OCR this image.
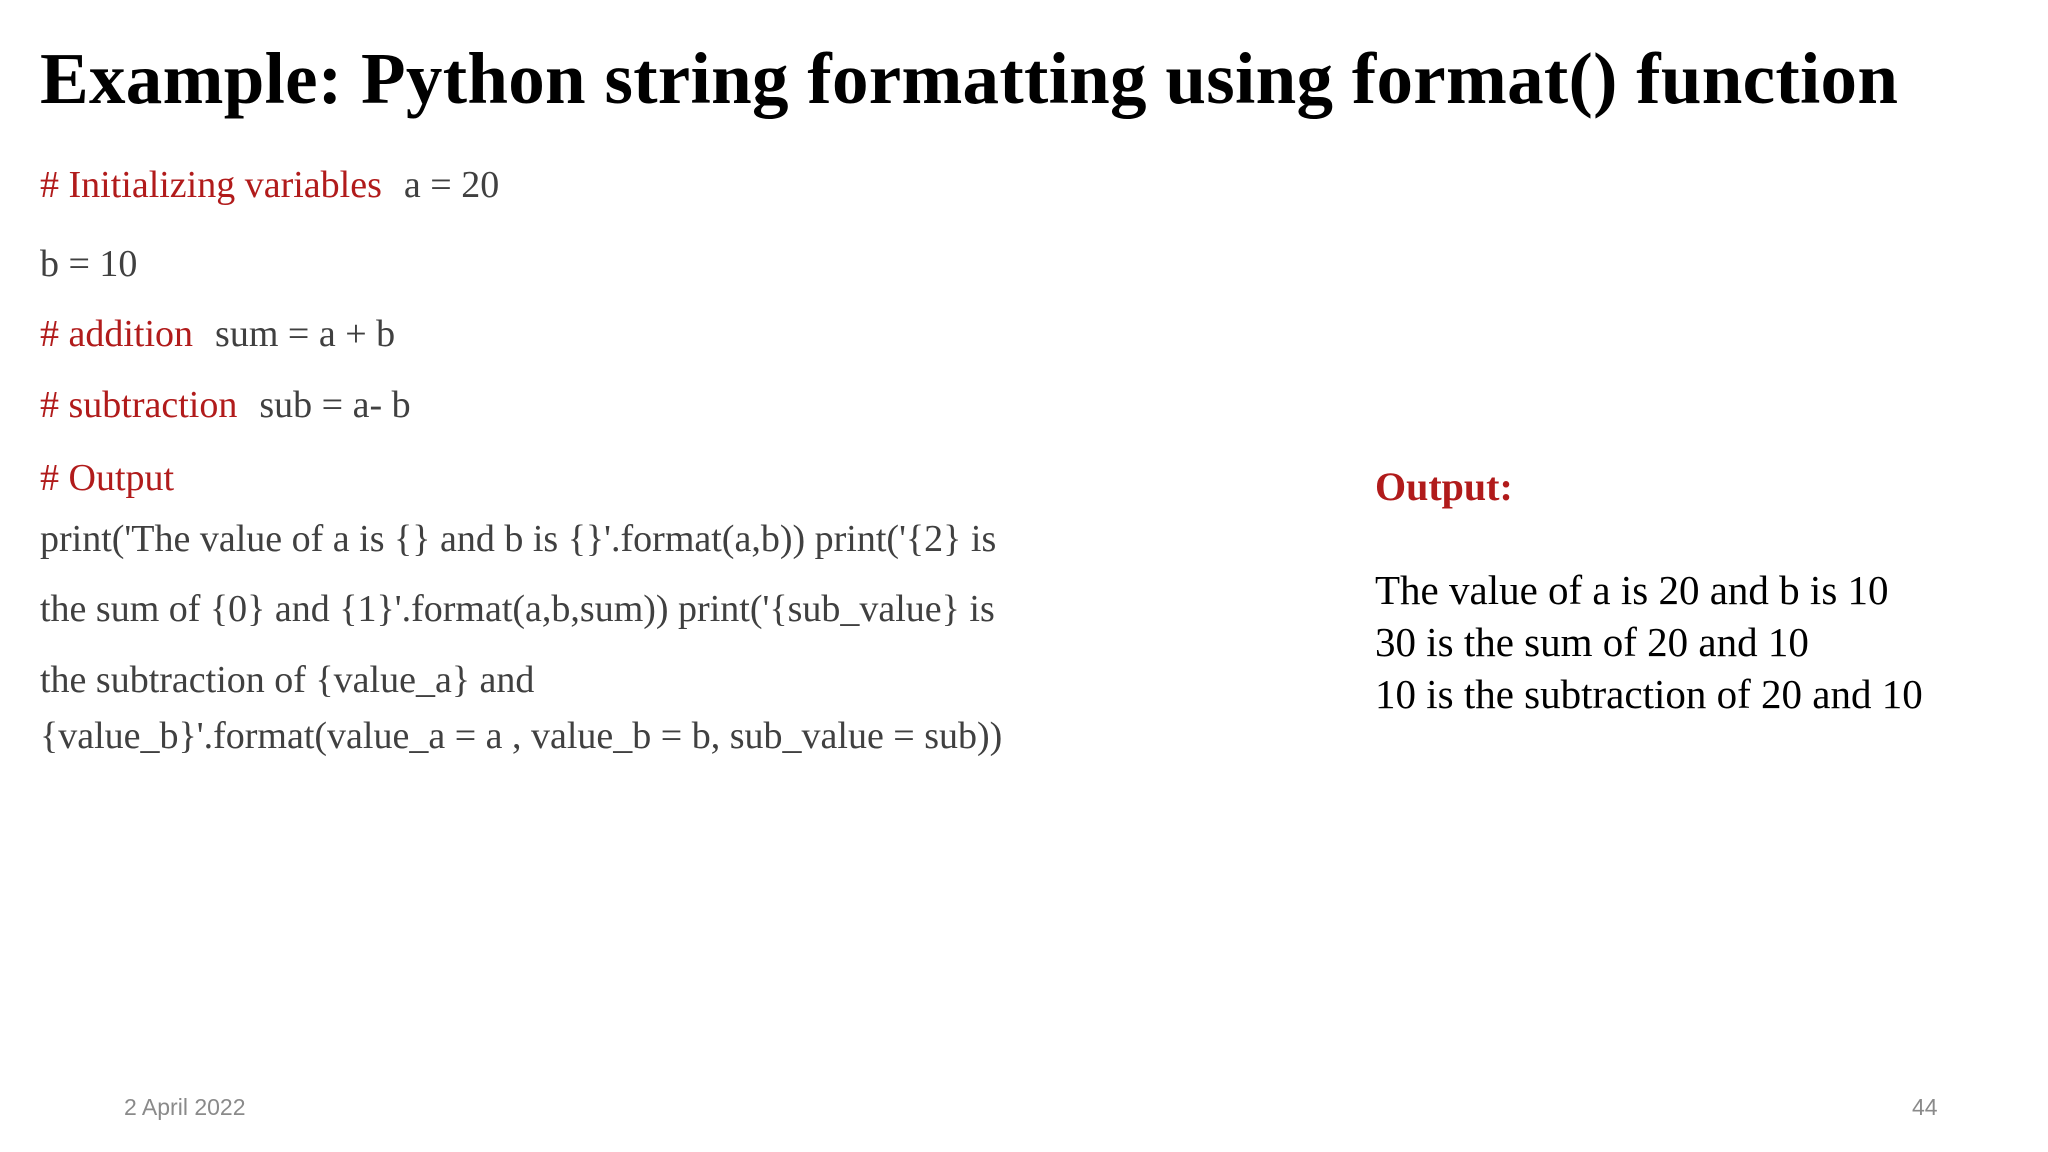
Example: Python string formatting using format() function
# Initializing variables a = 20
b = 10
# addition sum = a + b
# subtraction sub = a- b
# Output
print('The value of a is {} and b is {}'.format(a,b)) print('{2} is
the sum of {0} and {1}'.format(a,b,sum)) print('{sub_value} is
the subtraction of {value_a} and
{value_b}'.format(value_a = a , value_b = b, sub_value = sub))
Output:
The value of a is 20 and b is 10
30 is the sum of 20 and 10
10 is the subtraction of 20 and 10
2 April 2022	44
